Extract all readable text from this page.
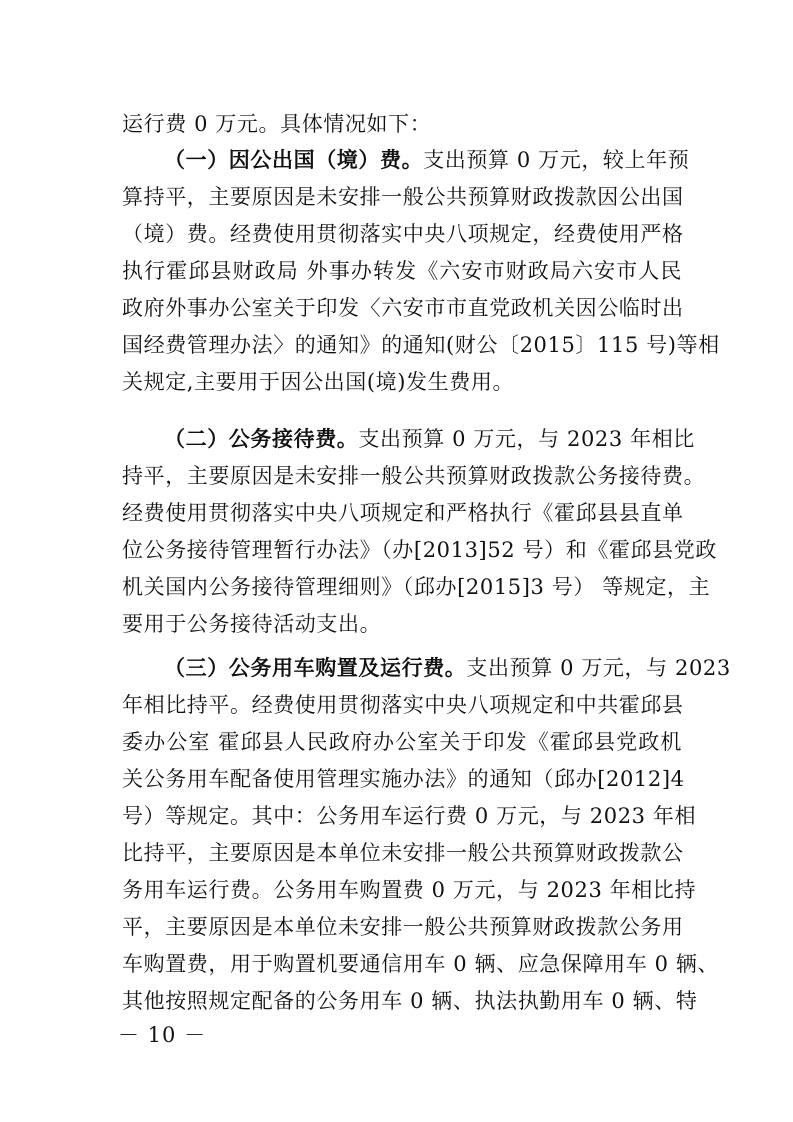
运行费 0 万元。具体情况如下：
（一）因公出国（境）费。支出预算 0 万元，较上年预
算持平，主要原因是未安排一般公共预算财政拨款因公出国
（境）费。经费使用贯彻落实中央八项规定，经费使用严格
执行霍邱县财政局 外事办转发《六安市财政局六安市人民
政府外事办公室关于印发〈六安市市直党政机关因公临时出
国经费管理办法〉的通知》的通知(财公〔2015〕115 号)等相
关规定,主要用于因公出国(境)发生费用。
（二）公务接待费。支出预算 0 万元，与 2023 年相比
持平，主要原因是未安排一般公共预算财政拨款公务接待费。
经费使用贯彻落实中央八项规定和严格执行《霍邱县县直单
位公务接待管理暂行办法》（办[2013]52 号）和《霍邱县党政
机关国内公务接待管理细则》（邱办[2015]3 号） 等规定，主
要用于公务接待活动支出。
（三）公务用车购置及运行费。支出预算 0 万元，与 2023
年相比持平。经费使用贯彻落实中央八项规定和中共霍邱县
委办公室 霍邱县人民政府办公室关于印发《霍邱县党政机
关公务用车配备使用管理实施办法》的通知（邱办[2012]4
号）等规定。其中：公务用车运行费 0 万元，与 2023 年相
比持平，主要原因是本单位未安排一般公共预算财政拨款公
务用车运行费。公务用车购置费 0 万元，与 2023 年相比持
平，主要原因是本单位未安排一般公共预算财政拨款公务用
车购置费，用于购置机要通信用车 0 辆、应急保障用车 0 辆、
其他按照规定配备的公务用车 0 辆、执法执勤用车 0 辆、特
－ 10 －
